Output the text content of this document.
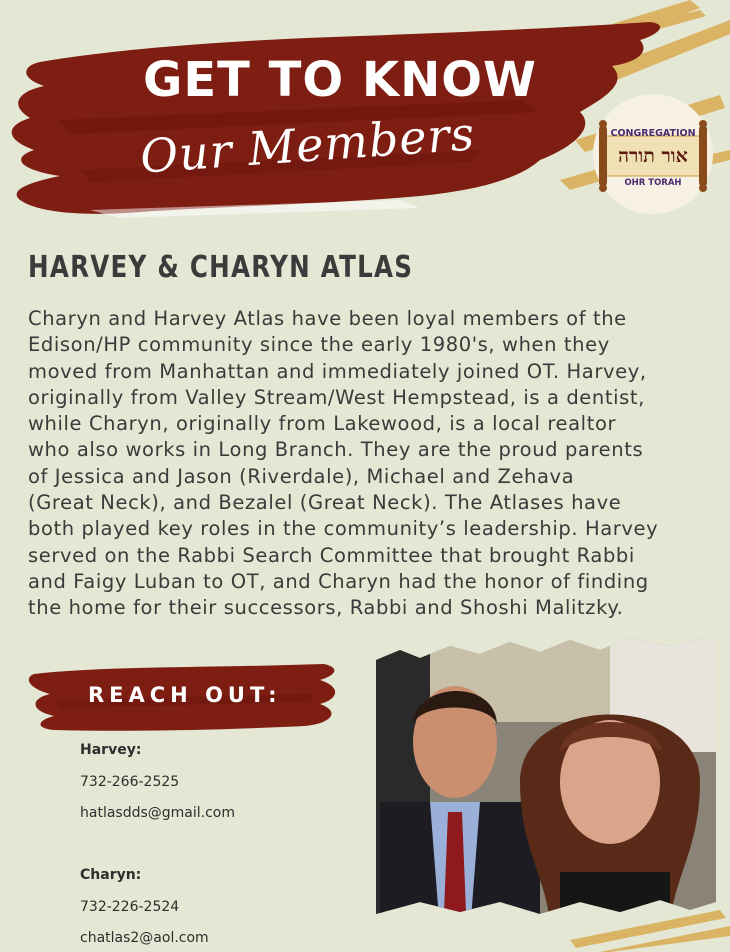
GET TO KNOW
Our Members	CONGREGATION
אור תורה
OHR TORAH
HARVEY & CHARYN ATLAS

Charyn and Harvey Atlas have been loyal members of the
Edison/HP community since the early 1980's, when they
moved from Manhattan and immediately joined OT. Harvey,
originally from Valley Stream/West Hempstead, is a dentist,
while Charyn, originally from Lakewood, is a local realtor
who also works in Long Branch. They are the proud parents
of Jessica and Jason (Riverdale), Michael and Zehava
(Great Neck), and Bezalel (Great Neck). The Atlases have
both played key roles in the community’s leadership. Harvey
served on the Rabbi Search Committee that brought Rabbi
and Faigy Luban to OT, and Charyn had the honor of finding
the home for their successors, Rabbi and Shoshi Malitzky.

REACH OUT:
Harvey:
732-266-2525
hatlasdds@gmail.com
Charyn:
732-226-2524
chatlas2@aol.com
